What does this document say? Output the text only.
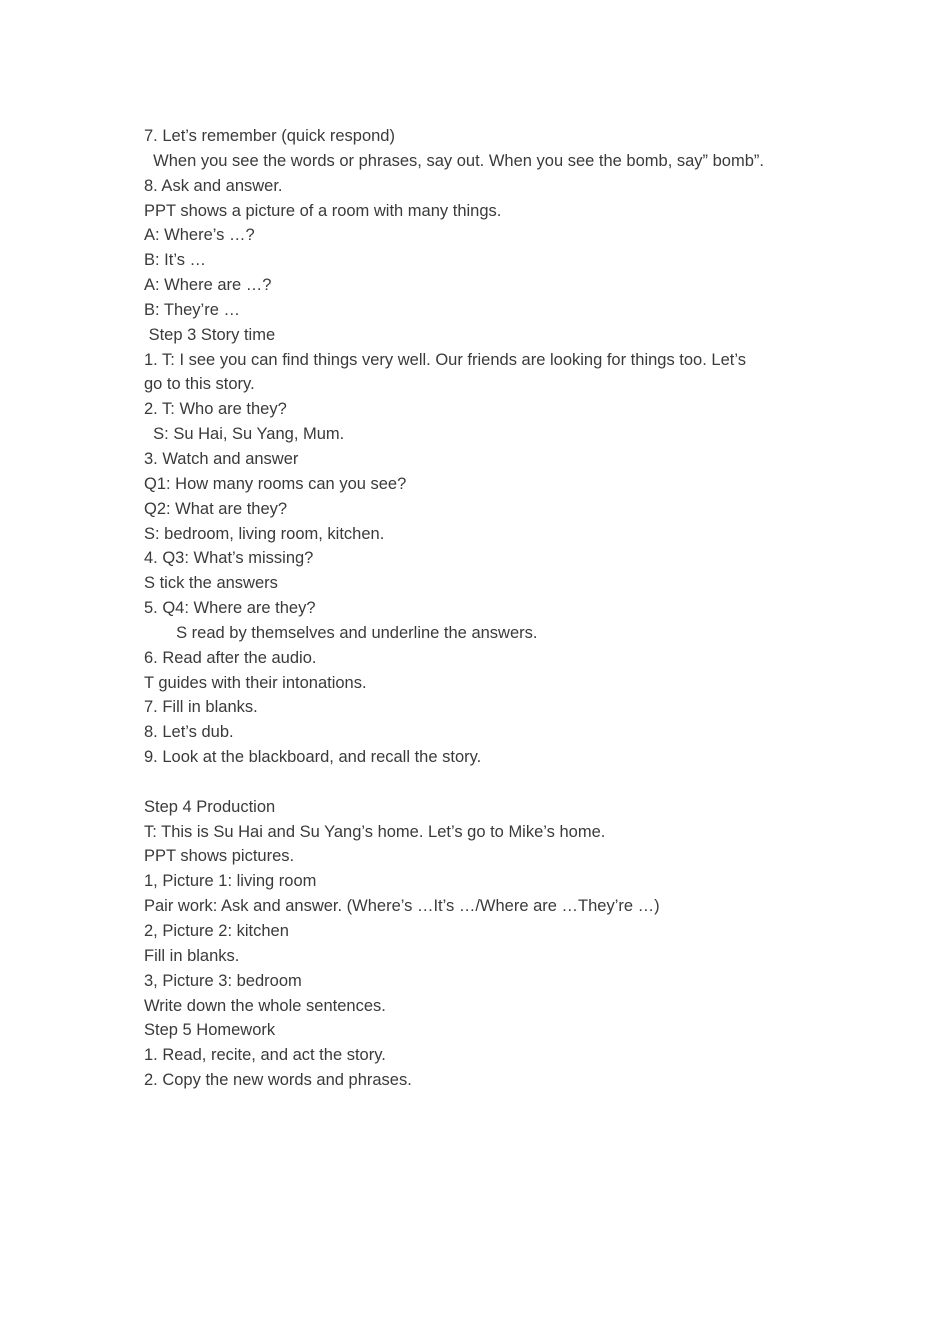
7. Let’s remember (quick respond)
When you see the words or phrases, say out. When you see the bomb, say” bomb”.
8. Ask and answer.
PPT shows a picture of a room with many things.
A: Where’s …?
B: It’s …
A: Where are …?
B: They’re …
Step 3 Story time
1. T: I see you can find things very well. Our friends are looking for things too. Let’s
go to this story.
2. T: Who are they?
S: Su Hai, Su Yang, Mum.
3. Watch and answer
Q1: How many rooms can you see?
Q2: What are they?
S: bedroom, living room, kitchen.
4. Q3: What’s missing?
S tick the answers
5. Q4: Where are they?
S read by themselves and underline the answers.
6. Read after the audio.
T guides with their intonations.
7. Fill in blanks.
8. Let’s dub.
9. Look at the blackboard, and recall the story.
Step 4 Production
T: This is Su Hai and Su Yang’s home. Let’s go to Mike’s home.
PPT shows pictures.
1, Picture 1: living room
Pair work: Ask and answer. (Where’s …It’s …/Where are …They’re …)
2, Picture 2: kitchen
Fill in blanks.
3, Picture 3: bedroom
Write down the whole sentences.
Step 5 Homework
1. Read, recite, and act the story.
2. Copy the new words and phrases.
